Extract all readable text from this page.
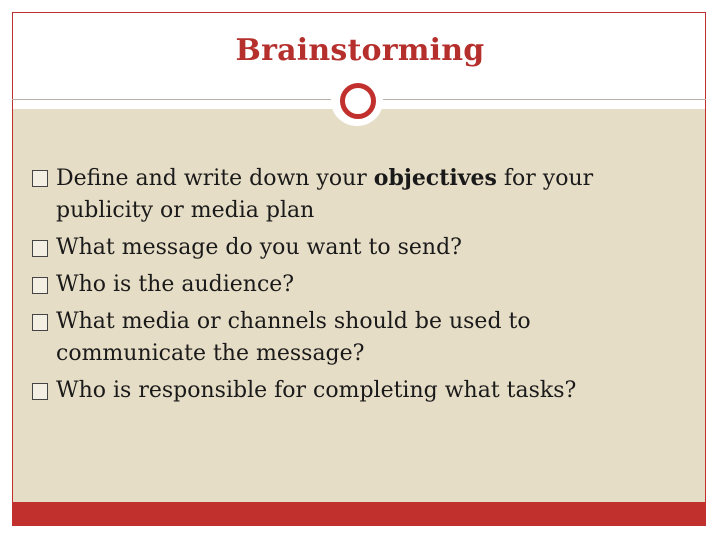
Brainstorming
Define and write down your objectives for your publicity or media plan
What message do you want to send?
Who is the audience?
What media or channels should be used to communicate the message?
Who is responsible for completing what tasks?
